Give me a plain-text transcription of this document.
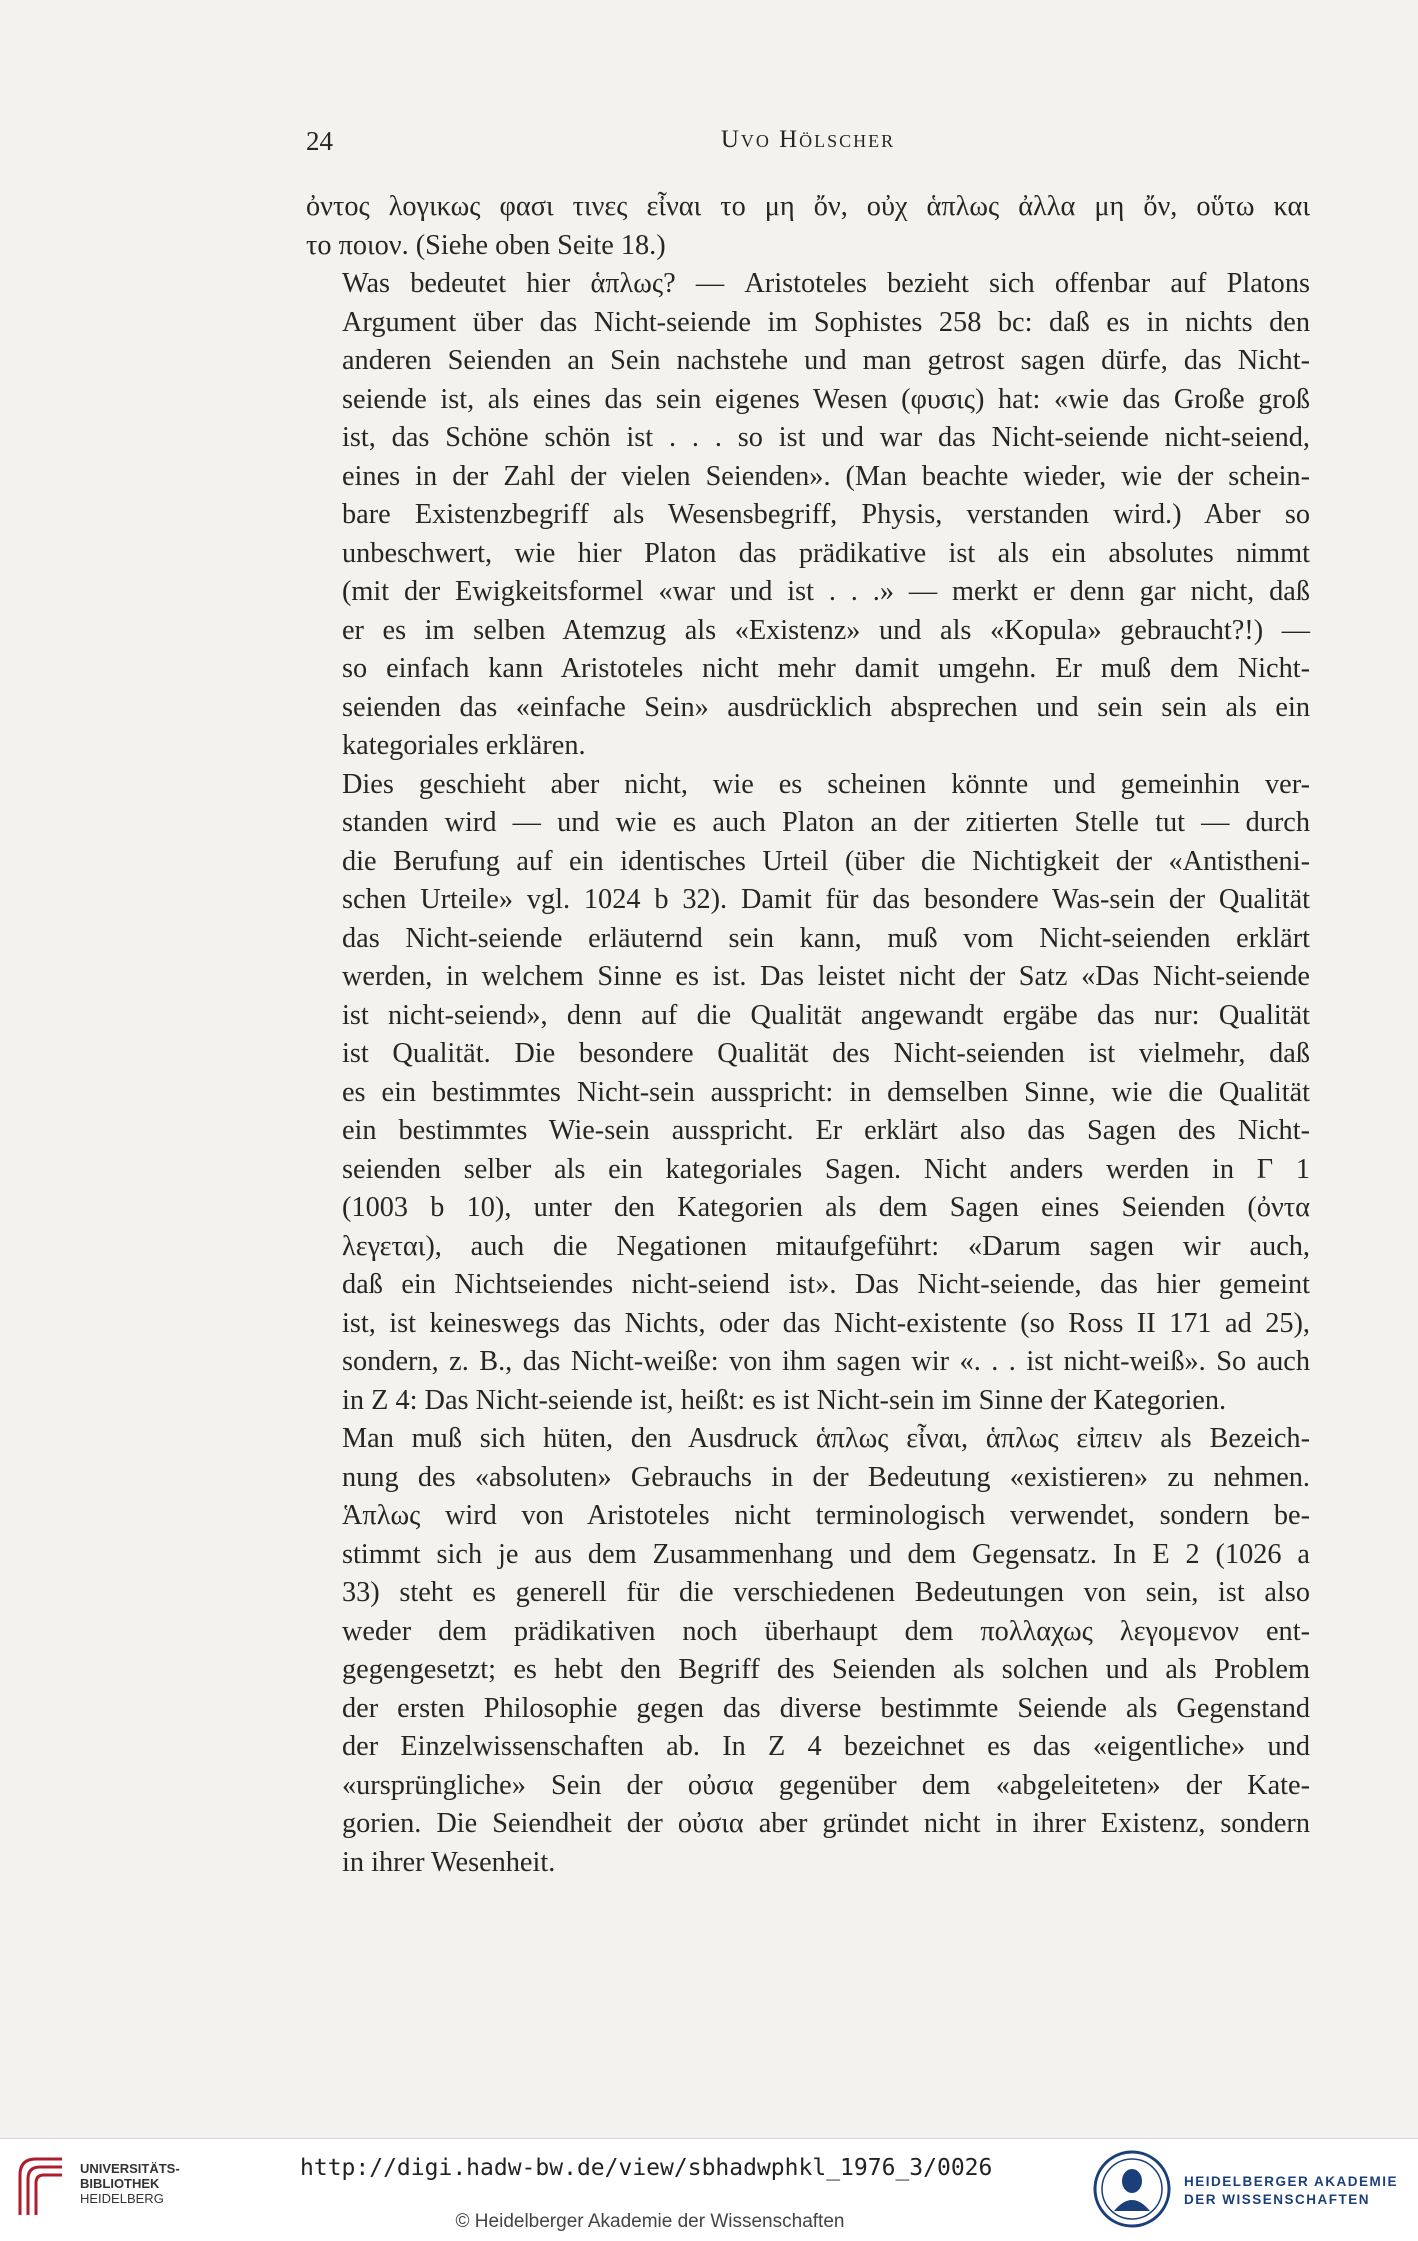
24	Uvo Hölscher

ὀντος λογικως φασι τινες εἶναι το μη ὄν, οὐχ ἁπλως ἀλλα μη ὄν, οὕτω και
το ποιον. (Siehe oben Seite 18.)

Was bedeutet hier ἁπλως? — Aristoteles bezieht sich offenbar auf Platons
Argument über das Nicht-seiende im Sophistes 258 bc: daß es in nichts den
anderen Seienden an Sein nachstehe und man getrost sagen dürfe, das Nicht-
seiende ist, als eines das sein eigenes Wesen (φυσις) hat: «wie das Große groß
ist, das Schöne schön ist . . . so ist und war das Nicht-seiende nicht-seiend,
eines in der Zahl der vielen Seienden». (Man beachte wieder, wie der schein-
bare Existenzbegriff als Wesensbegriff, Physis, verstanden wird.) Aber so
unbeschwert, wie hier Platon das prädikative ist als ein absolutes nimmt
(mit der Ewigkeitsformel «war und ist . . .» — merkt er denn gar nicht, daß
er es im selben Atemzug als «Existenz» und als «Kopula» gebraucht?!) —
so einfach kann Aristoteles nicht mehr damit umgehn. Er muß dem Nicht-
seienden das «einfache Sein» ausdrücklich absprechen und sein sein als ein
kategoriales erklären.

Dies geschieht aber nicht, wie es scheinen könnte und gemeinhin ver-
standen wird — und wie es auch Platon an der zitierten Stelle tut — durch
die Berufung auf ein identisches Urteil (über die Nichtigkeit der «Antistheni-
schen Urteile» vgl. 1024 b 32). Damit für das besondere Was-sein der Qualität
das Nicht-seiende erläuternd sein kann, muß vom Nicht-seienden erklärt
werden, in welchem Sinne es ist. Das leistet nicht der Satz «Das Nicht-seiende
ist nicht-seiend», denn auf die Qualität angewandt ergäbe das nur: Qualität
ist Qualität. Die besondere Qualität des Nicht-seienden ist vielmehr, daß
es ein bestimmtes Nicht-sein ausspricht: in demselben Sinne, wie die Qualität
ein bestimmtes Wie-sein ausspricht. Er erklärt also das Sagen des Nicht-
seienden selber als ein kategoriales Sagen. Nicht anders werden in Γ 1
(1003 b 10), unter den Kategorien als dem Sagen eines Seienden (ὀντα
λεγεται), auch die Negationen mitaufgeführt: «Darum sagen wir auch,
daß ein Nichtseiendes nicht-seiend ist». Das Nicht-seiende, das hier gemeint
ist, ist keineswegs das Nichts, oder das Nicht-existente (so Ross II 171 ad 25),
sondern, z. B., das Nicht-weiße: von ihm sagen wir «. . . ist nicht-weiß». So auch
in Z 4: Das Nicht-seiende ist, heißt: es ist Nicht-sein im Sinne der Kategorien.

Man muß sich hüten, den Ausdruck ἁπλως εἶναι, ἁπλως εἰπειν als Bezeich-
nung des «absoluten» Gebrauchs in der Bedeutung «existieren» zu nehmen.
Ἁπλως wird von Aristoteles nicht terminologisch verwendet, sondern be-
stimmt sich je aus dem Zusammenhang und dem Gegensatz. In E 2 (1026 a
33) steht es generell für die verschiedenen Bedeutungen von sein, ist also
weder dem prädikativen noch überhaupt dem πολλαχως λεγομενον ent-
gegengesetzt; es hebt den Begriff des Seienden als solchen und als Problem
der ersten Philosophie gegen das diverse bestimmte Seiende als Gegenstand
der Einzelwissenschaften ab. In Z 4 bezeichnet es das «eigentliche» und
«ursprüngliche» Sein der οὐσια gegenüber dem «abgeleiteten» der Kate-
gorien. Die Seiendheit der οὐσια aber gründet nicht in ihrer Existenz, sondern
in ihrer Wesenheit.

UNIVERSITÄTS-
BIBLIOTHEK
HEIDELBERG
http://digi.hadw-bw.de/view/sbhadwphkl_1976_3/0026
© Heidelberger Akademie der Wissenschaften
HEIDELBERGER AKADEMIE
DER WISSENSCHAFTEN
